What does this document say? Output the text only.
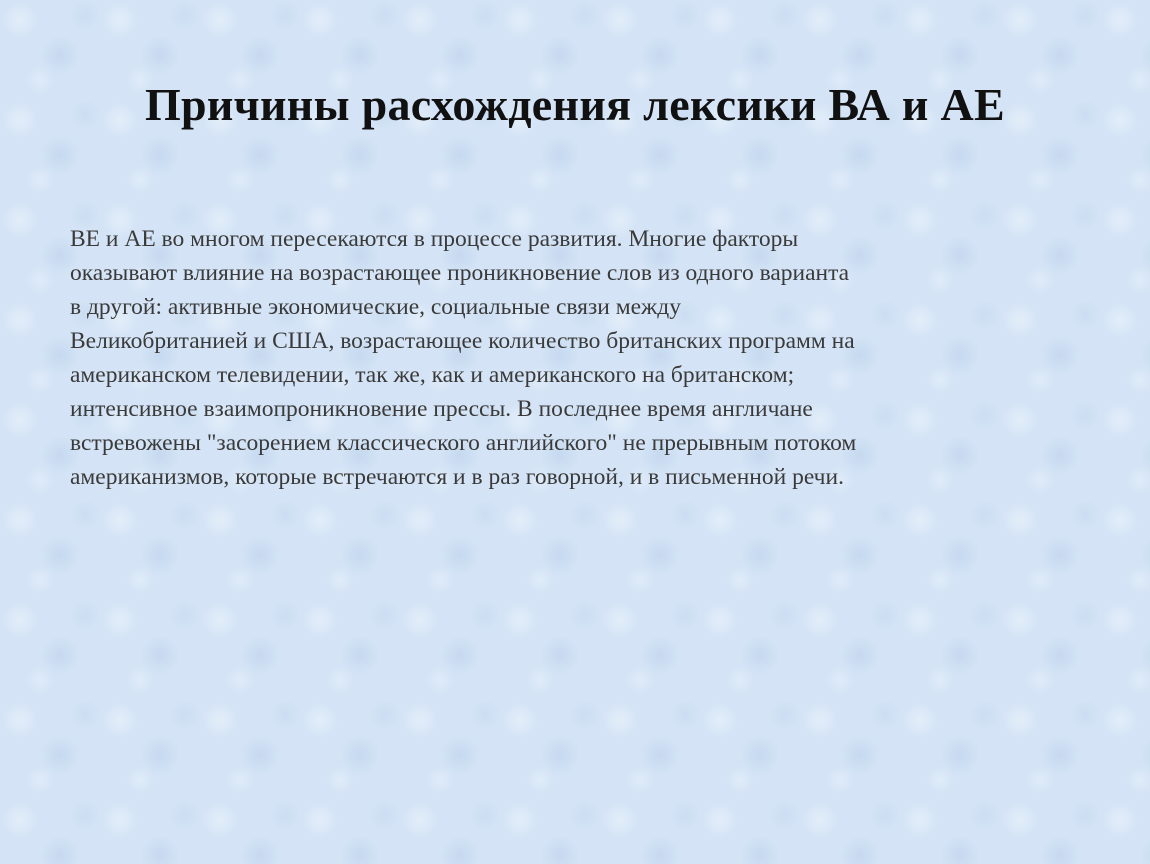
Причины расхождения лексики ВА и АЕ

ВЕ и АЕ во многом пересекаются в процессе развития. Многие факторы
оказывают влияние на возрастающее проникновение слов из одного варианта
в другой: активные экономические, социальные связи между
Великобританией и США, возрастающее количество британских программ на
американском телевидении, так же, как и американского на британском;
интенсивное взаимопроникновение прессы. В последнее время англичане
встревожены "засорением классического английского" не прерывным потоком
американизмов, которые встречаются и в раз говорной, и в письменной речи.
